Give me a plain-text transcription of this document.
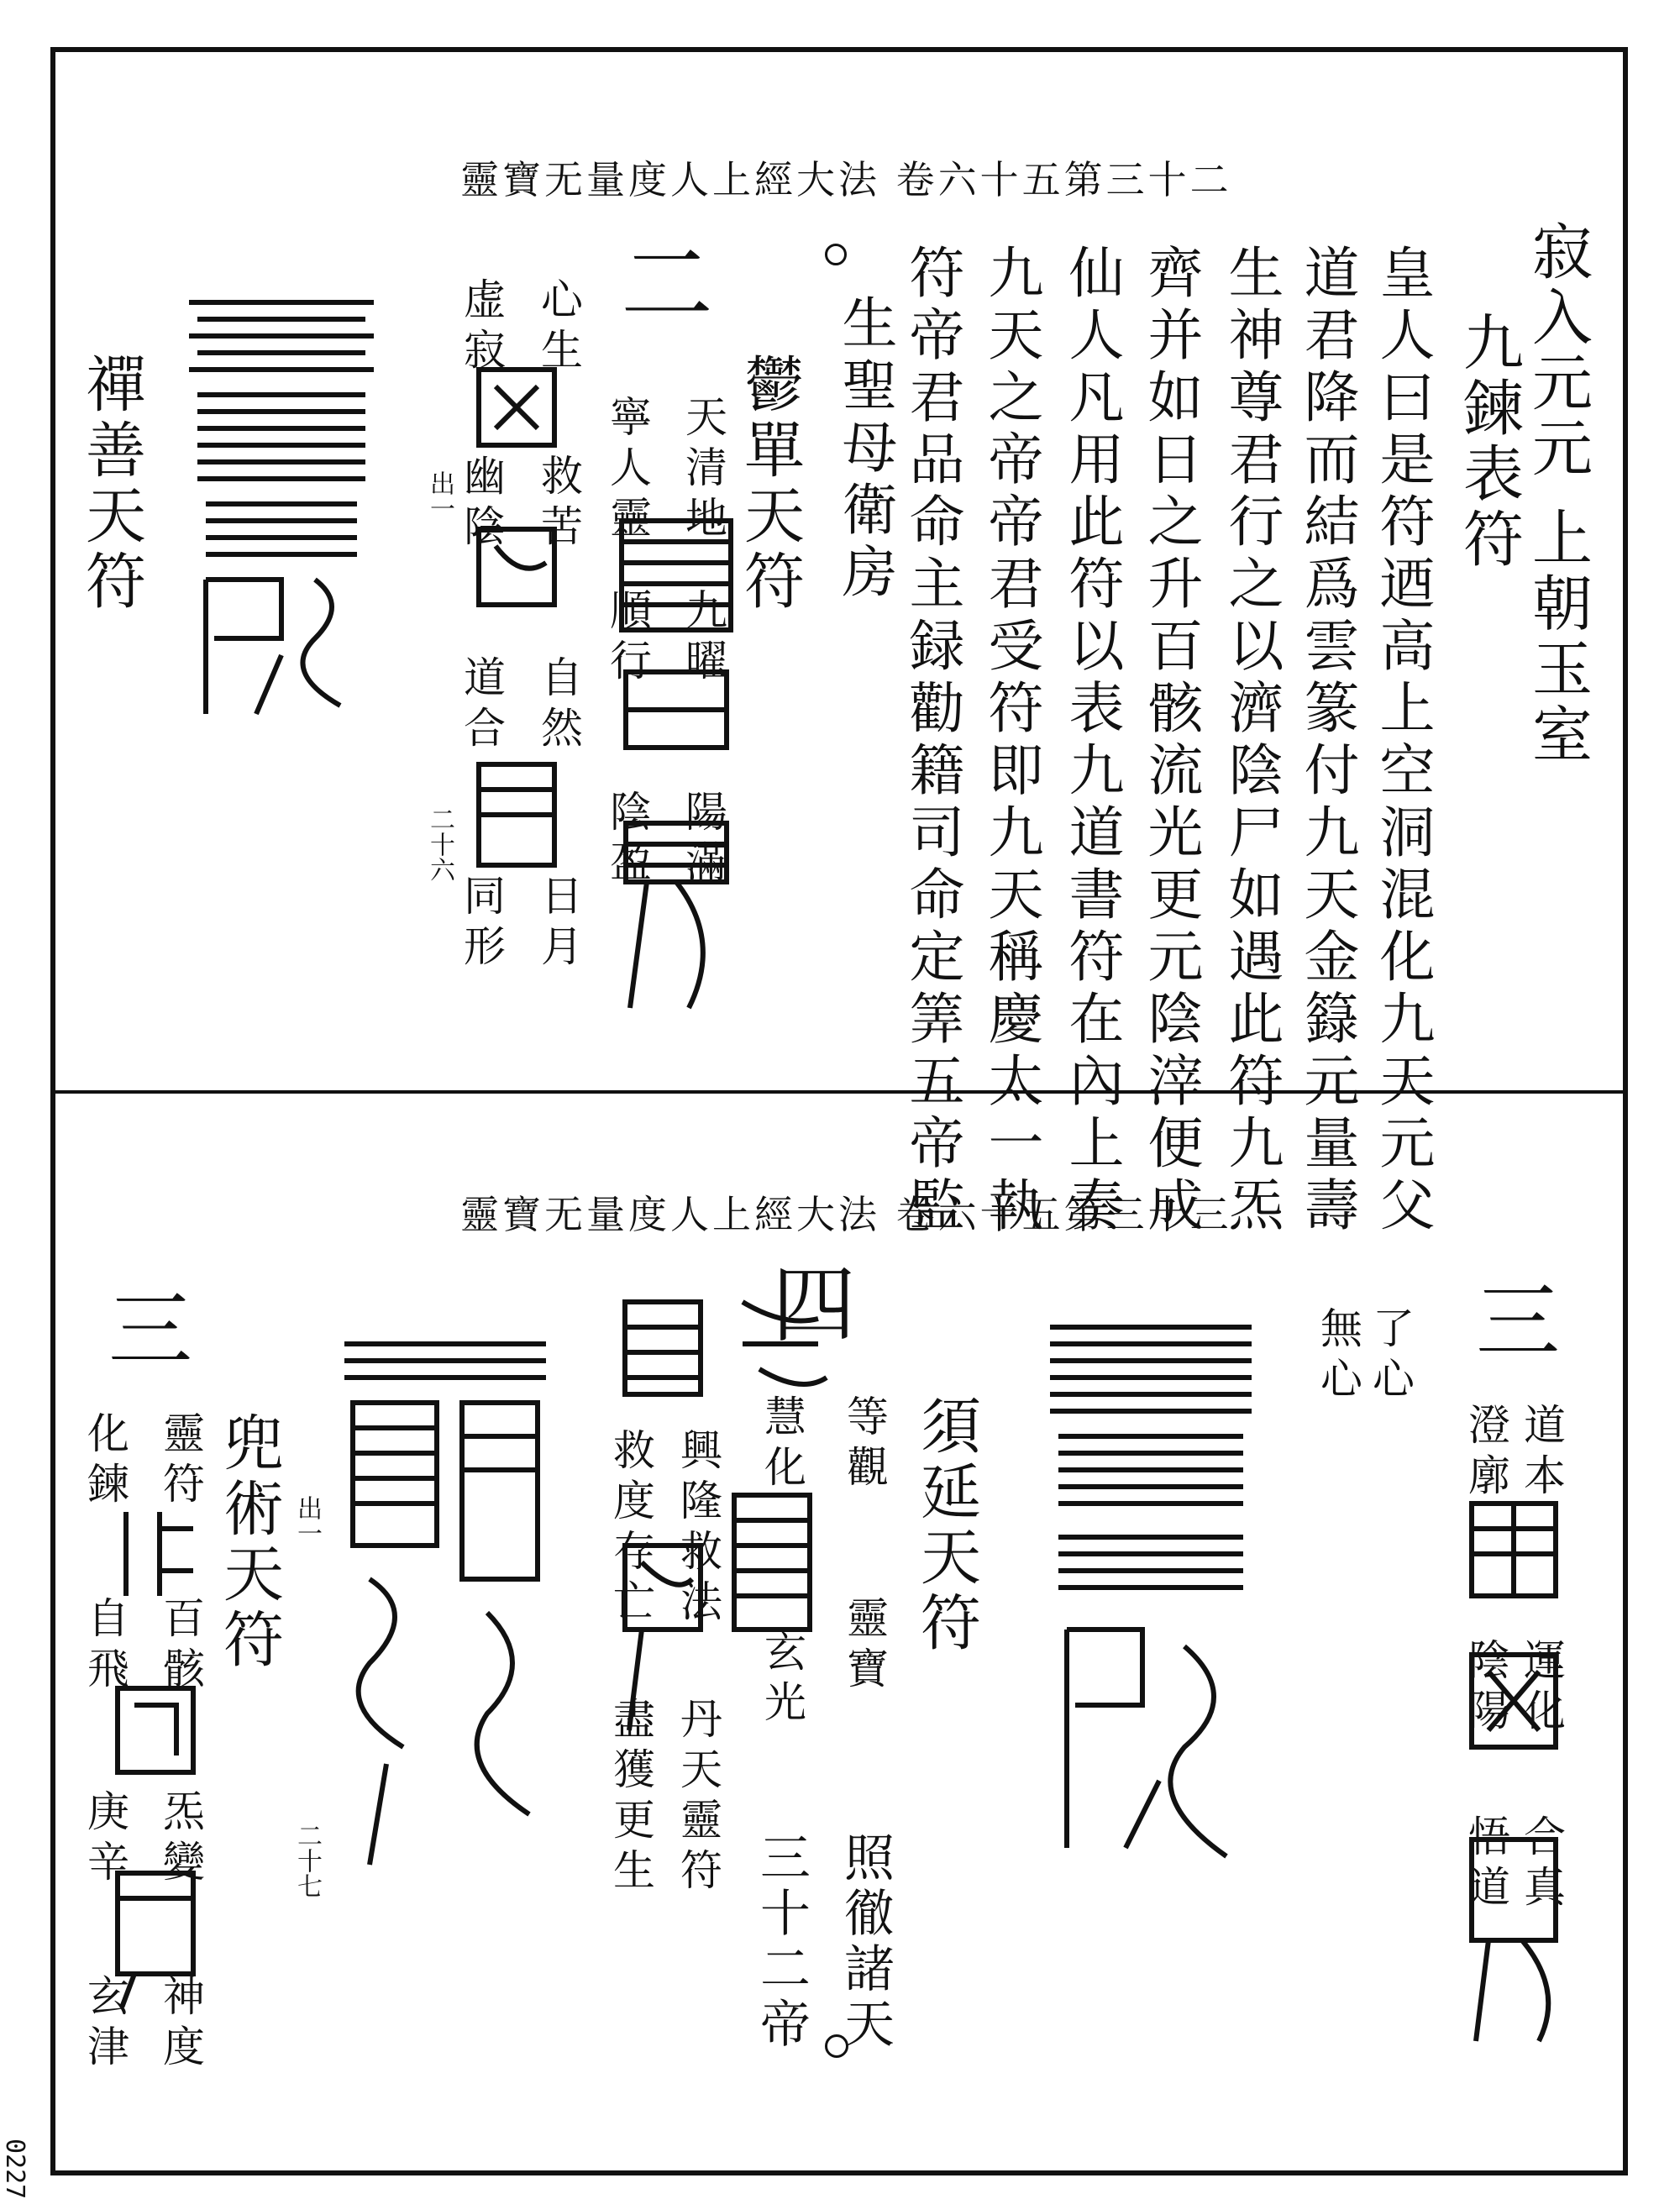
靈寶无量度人上經大法 卷六十五第三十二
寂入元元 上朝玉室
九鍊表符
皇人曰是符迺高上空洞混化九天元父
道君降而結爲雲篆付九天金籙元量壽
生神尊君行之以濟陰尸如遇此符九炁
仙人凡用此符以表九道書符在內上奏
九天之帝帝君受符即九天稱慶太一執
符帝君品命主録勸籍司命定筭五帝監
生聖母衛房	齊并如日之升百骸流光更元陰滓便成
鬱單天符
天清地
九曜
陽滿
寧人靈
順行
陰盈
二
心生
虚寂
救苦
幽陰
自然
道合
日月
同形
出一
二十六
禪善天符
靈寶无量度人上經大法 卷六十五第三十三
了心
無心
道本
澄廓
運化
陰陽
合真
悟道
三
須延天符
四
等觀
慧化
靈寶
玄光
照徹諸天
三十二帝
興隆救法
救度存亡
丹天靈符
盡獲更生
兜術天符
三
靈符
化鍊
百骸
自飛
炁變
庚辛
神度
玄津
出一
二十七
0227
